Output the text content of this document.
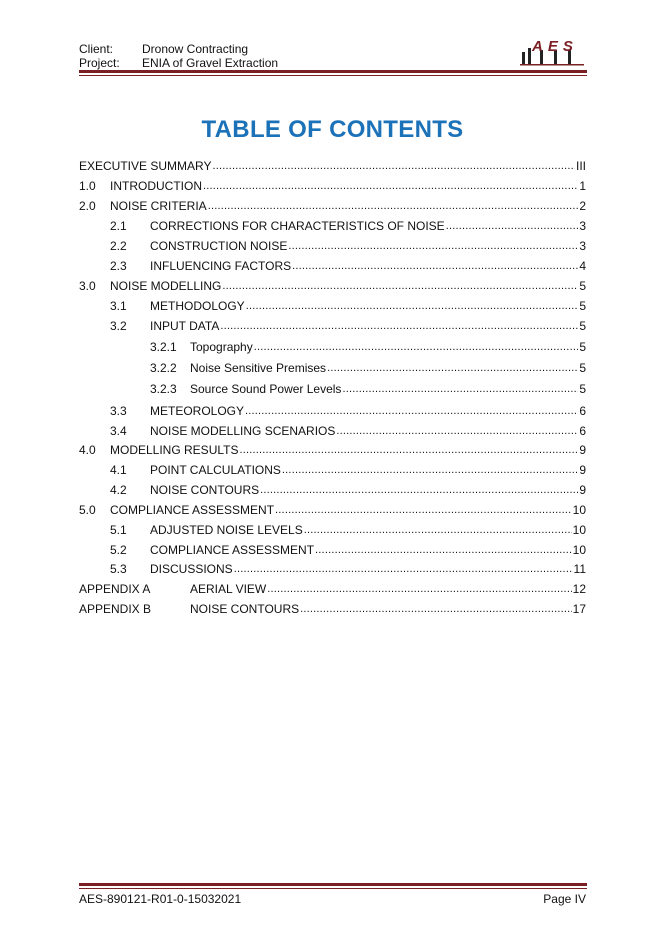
Client:	Dronow Contracting
Project:	ENIA of Gravel Extraction
AES
TABLE OF CONTENTS
EXECUTIVE SUMMARY .....	III
1.0	INTRODUCTION .....	1
2.0	NOISE CRITERIA .....	2
2.1	CORRECTIONS FOR CHARACTERISTICS OF NOISE .....	3
2.2	CONSTRUCTION NOISE .....	3
2.3	INFLUENCING FACTORS .....	4
3.0	NOISE MODELLING .....	5
3.1	METHODOLOGY .....	5
3.2	INPUT DATA .....	5
3.2.1	Topography .....	5
3.2.2	Noise Sensitive Premises .....	5
3.2.3	Source Sound Power Levels .....	5
3.3	METEOROLOGY .....	6
3.4	NOISE MODELLING SCENARIOS .....	6
4.0	MODELLING RESULTS .....	9
4.1	POINT CALCULATIONS .....	9
4.2	NOISE CONTOURS .....	9
5.0	COMPLIANCE ASSESSMENT .....	10
5.1	ADJUSTED NOISE LEVELS .....	10
5.2	COMPLIANCE ASSESSMENT .....	10
5.3	DISCUSSIONS .....	11
APPENDIX A	AERIAL VIEW .....	12
APPENDIX B	NOISE CONTOURS .....	17
AES-890121-R01-0-15032021	Page IV
